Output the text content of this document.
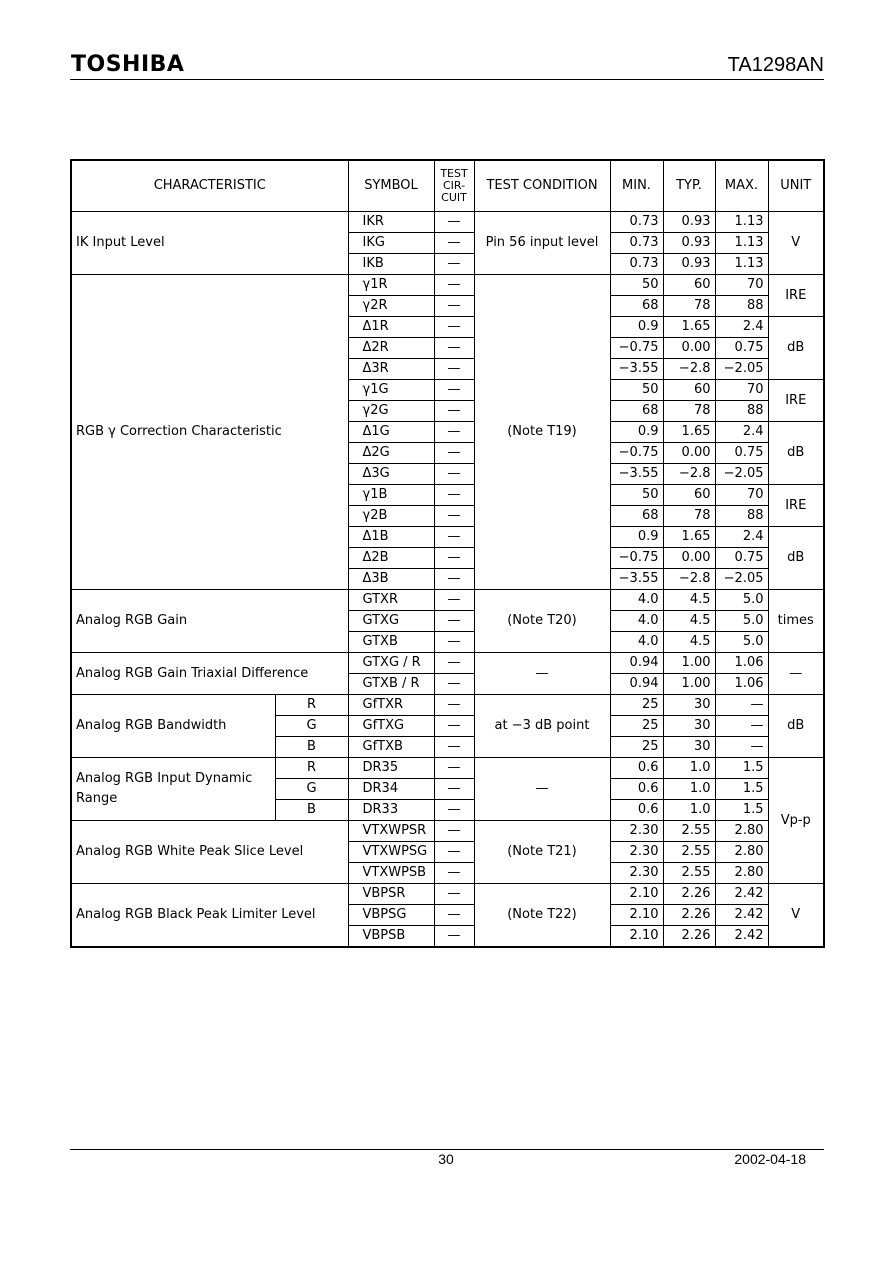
TOSHIBA	TA1298AN
CHARACTERISTIC		SYMBOL	TEST CIR- CUIT	TEST CONDITION	MIN.	TYP.	MAX.	UNIT
IK Input Level		IKR	—	Pin 56 input level	0.73	0.93	1.13	V
		IKG	—		0.73	0.93	1.13	
		IKB	—		0.73	0.93	1.13	
RGB γ Correction Characteristic		γ1R	—	(Note T19)	50	60	70	IRE
		γ2R	—		68	78	88	
		Δ1R	—		0.9	1.65	2.4	dB
		Δ2R	—		−0.75	0.00	0.75	
		Δ3R	—		−3.55	−2.8	−2.05	
		γ1G	—		50	60	70	IRE
		γ2G	—		68	78	88	
		Δ1G	—		0.9	1.65	2.4	dB
		Δ2G	—		−0.75	0.00	0.75	
		Δ3G	—		−3.55	−2.8	−2.05	
		γ1B	—		50	60	70	IRE
		γ2B	—		68	78	88	
		Δ1B	—		0.9	1.65	2.4	dB
		Δ2B	—		−0.75	0.00	0.75	
		Δ3B	—		−3.55	−2.8	−2.05	
Analog RGB Gain		GTXR	—	(Note T20)	4.0	4.5	5.0	times
		GTXG	—		4.0	4.5	5.0	
		GTXB	—		4.0	4.5	5.0	
Analog RGB Gain Triaxial Difference		GTXG / R	—	—	0.94	1.00	1.06	—
		GTXB / R	—		0.94	1.00	1.06	
Analog RGB Bandwidth	R	GfTXR	—	at −3 dB point	25	30	—	dB
	G	GfTXG	—		25	30	—	
	B	GfTXB	—		25	30	—	
Analog RGB Input Dynamic Range	R	DR35	—	—	0.6	1.0	1.5	Vp-p
	G	DR34	—		0.6	1.0	1.5	
	B	DR33	—		0.6	1.0	1.5	
Analog RGB White Peak Slice Level		VTXWPSR	—	(Note T21)	2.30	2.55	2.80	
		VTXWPSG	—		2.30	2.55	2.80	
		VTXWPSB	—		2.30	2.55	2.80	
Analog RGB Black Peak Limiter Level		VBPSR	—	(Note T22)	2.10	2.26	2.42	V
		VBPSG	—		2.10	2.26	2.42	
		VBPSB	—		2.10	2.26	2.42	
30	2002-04-18
